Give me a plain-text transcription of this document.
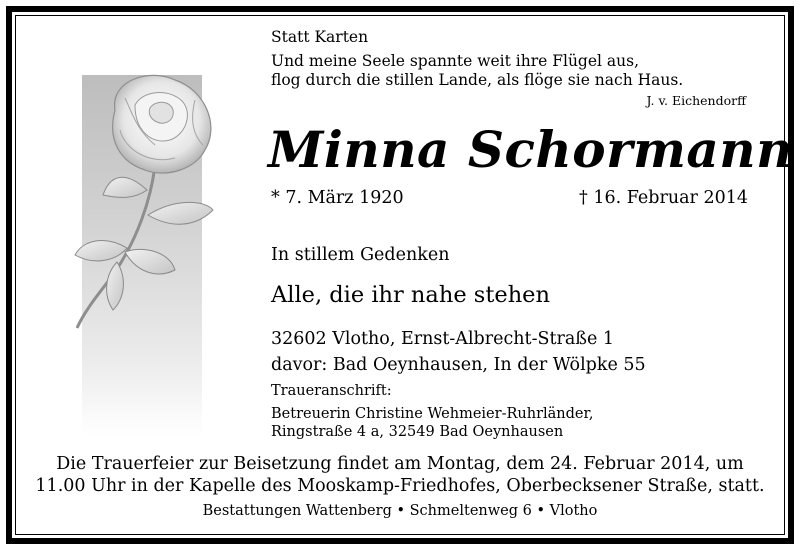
Statt Karten
Und meine Seele spannte weit ihre Flügel aus,
flog durch die stillen Lande, als flöge sie nach Haus.
J. v. Eichendorff
Minna Schormann
* 7. März 1920	† 16. Februar 2014
In stillem Gedenken
Alle, die ihr nahe stehen
32602 Vlotho, Ernst-Albrecht-Straße 1
davor: Bad Oeynhausen, In der Wölpke 55
Traueranschrift:
Betreuerin Christine Wehmeier-Ruhrländer,
Ringstraße 4 a, 32549 Bad Oeynhausen
Die Trauerfeier zur Beisetzung findet am Montag, dem 24. Februar 2014, um
11.00 Uhr in der Kapelle des Mooskamp-Friedhofes, Oberbecksener Straße, statt.
Bestattungen Wattenberg • Schmeltenweg 6 • Vlotho
